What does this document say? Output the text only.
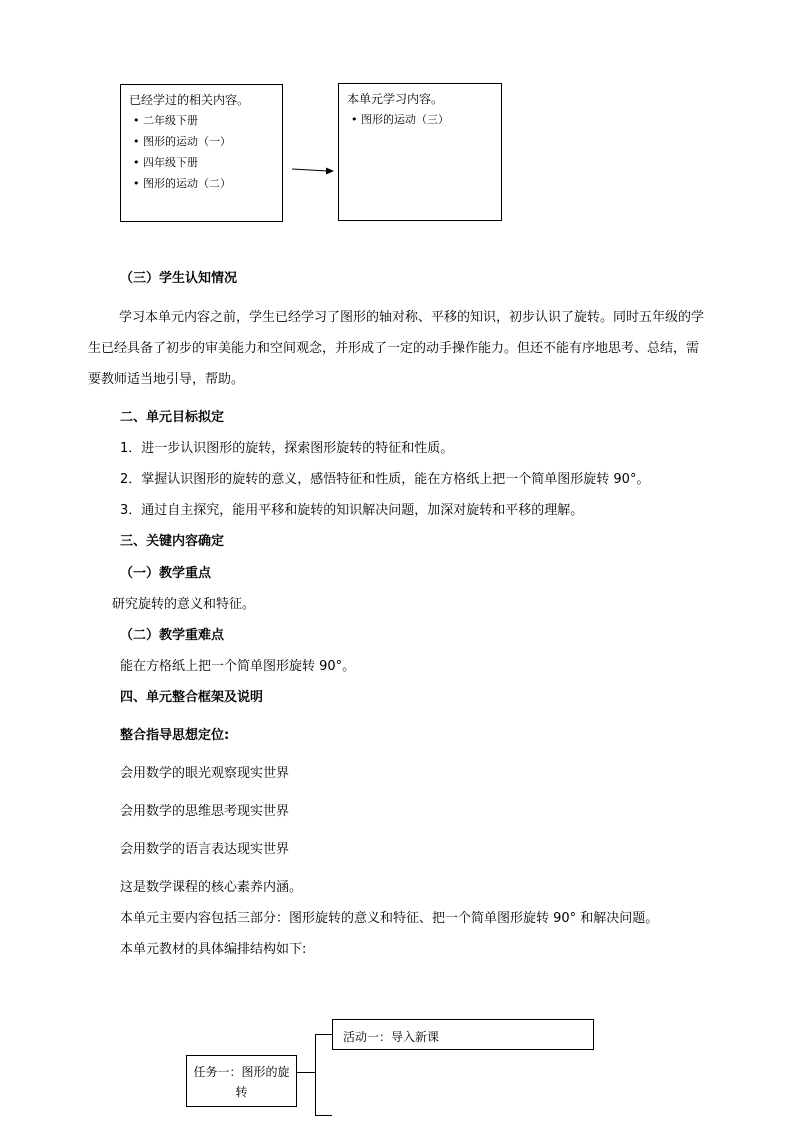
已经学过的相关内容。
• 二年级下册
• 图形的运动（一）
• 四年级下册
• 图形的运动（二）
本单元学习内容。
• 图形的运动（三）
（三）学生认知情况
学习本单元内容之前，学生已经学习了图形的轴对称、平移的知识，初步认识了旋转。同时五年级的学生已经具备了初步的审美能力和空间观念，并形成了一定的动手操作能力。但还不能有序地思考、总结，需要教师适当地引导，帮助。
二、单元目标拟定
1．进一步认识图形的旋转，探索图形旋转的特征和性质。
2．掌握认识图形的旋转的意义，感悟特征和性质，能在方格纸上把一个简单图形旋转 90°。
3．通过自主探究，能用平移和旋转的知识解决问题，加深对旋转和平移的理解。
三、关键内容确定
（一）教学重点
研究旋转的意义和特征。
（二）教学重难点
能在方格纸上把一个简单图形旋转 90°。
四、单元整合框架及说明
整合指导思想定位:
会用数学的眼光观察现实世界
会用数学的思维思考现实世界
会用数学的语言表达现实世界
这是数学课程的核心素养内涵。
本单元主要内容包括三部分：图形旋转的意义和特征、把一个简单图形旋转 90° 和解决问题。
本单元教材的具体编排结构如下:
活动一：导入新课
任务一：图形的旋转
